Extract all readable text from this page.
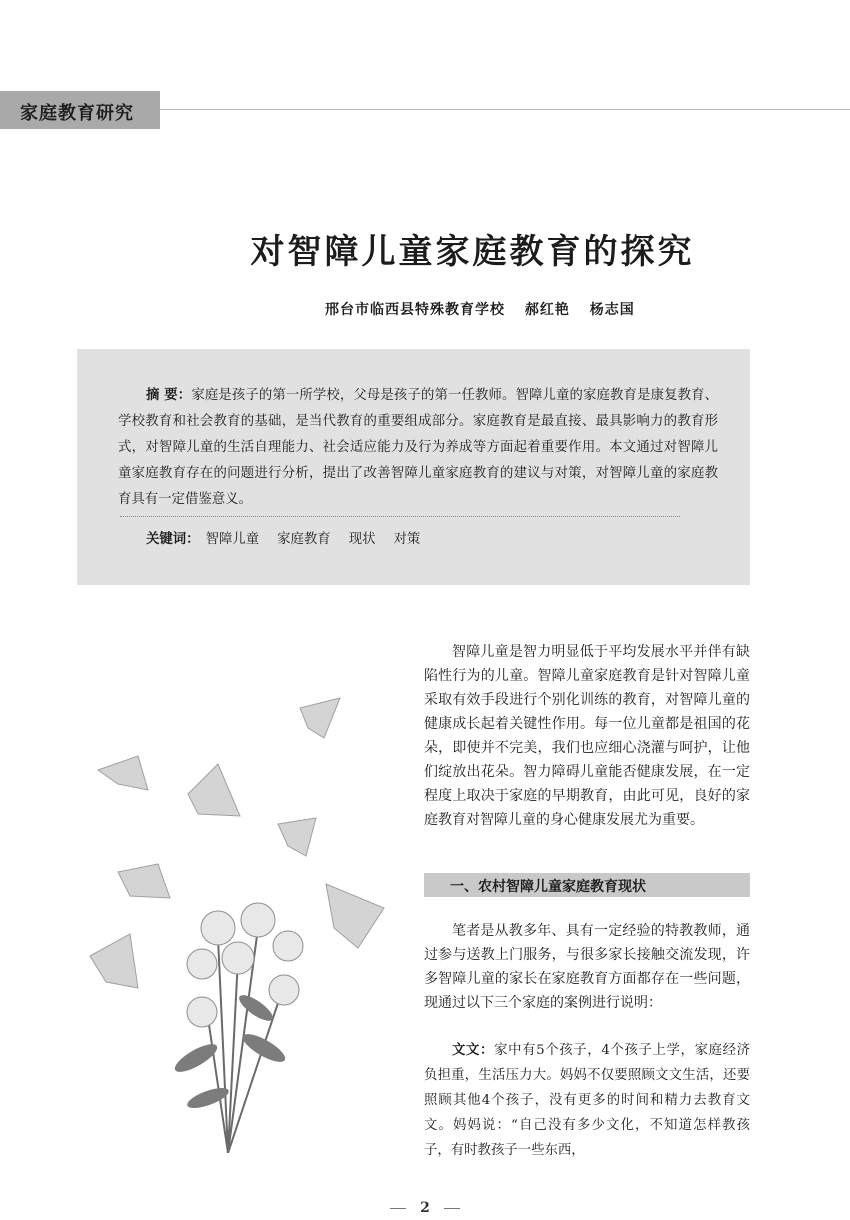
家庭教育研究
对智障儿童家庭教育的探究
邢台市临西县特殊教育学校 郝红艳 杨志国
摘 要：家庭是孩子的第一所学校，父母是孩子的第一任教师。智障儿童的家庭教育是康复教育、学校教育和社会教育的基础，是当代教育的重要组成部分。家庭教育是最直接、最具影响力的教育形式，对智障儿童的生活自理能力、社会适应能力及行为养成等方面起着重要作用。本文通过对智障儿童家庭教育存在的问题进行分析，提出了改善智障儿童家庭教育的建议与对策，对智障儿童的家庭教育具有一定借鉴意义。
关键词： 智障儿童 家庭教育 现状 对策

智障儿童是智力明显低于平均发展水平并伴有缺陷性行为的儿童。智障儿童家庭教育是针对智障儿童采取有效手段进行个别化训练的教育，对智障儿童的健康成长起着关键性作用。每一位儿童都是祖国的花朵，即使并不完美，我们也应细心浇灌与呵护，让他们绽放出花朵。智力障碍儿童能否健康发展，在一定程度上取决于家庭的早期教育，由此可见，良好的家庭教育对智障儿童的身心健康发展尤为重要。

一、农村智障儿童家庭教育现状

笔者是从教多年、具有一定经验的特教教师，通过参与送教上门服务，与很多家长接触交流发现，许多智障儿童的家长在家庭教育方面都存在一些问题，现通过以下三个家庭的案例进行说明：

文文：家中有5个孩子，4个孩子上学，家庭经济负担重，生活压力大。妈妈不仅要照顾文文生活，还要照顾其他4个孩子，没有更多的时间和精力去教育文文。妈妈说：“自己没有多少文化，不知道怎样教孩子，有时教孩子一些东西，

2
